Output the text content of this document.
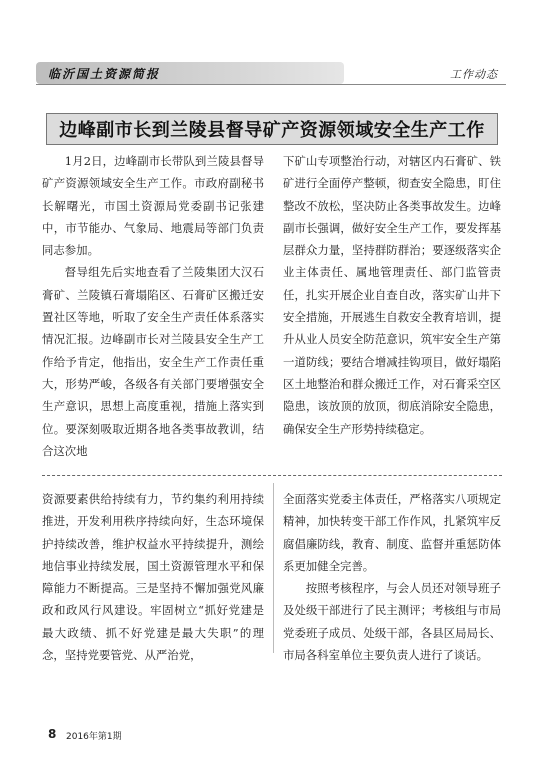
临沂国土资源简报	工作动态
边峰副市长到兰陵县督导矿产资源领域安全生产工作

1月2日，边峰副市长带队到兰陵县督导矿产资源领域安全生产工作。市政府副秘书长解曙光，市国土资源局党委副书记张建中，市节能办、气象局、地震局等部门负责同志参加。

督导组先后实地查看了兰陵集团大汉石膏矿、兰陵镇石膏塌陷区、石膏矿区搬迁安置社区等地，听取了安全生产责任体系落实情况汇报。边峰副市长对兰陵县安全生产工作给予肯定，他指出，安全生产工作责任重大，形势严峻，各级各有关部门要增强安全生产意识，思想上高度重视，措施上落实到位。要深刻吸取近期各地各类事故教训，结合这次地

下矿山专项整治行动，对辖区内石膏矿、铁矿进行全面停产整顿，彻查安全隐患，盯住整改不放松，坚决防止各类事故发生。边峰副市长强调，做好安全生产工作，要发挥基层群众力量，坚持群防群治；要逐级落实企业主体责任、属地管理责任、部门监管责任，扎实开展企业自查自改，落实矿山井下安全措施，开展逃生自救安全教育培训，提升从业人员安全防范意识，筑牢安全生产第一道防线；要结合增减挂钩项目，做好塌陷区土地整治和群众搬迁工作，对石膏采空区隐患，该放顶的放顶，彻底消除安全隐患，确保安全生产形势持续稳定。

资源要素供给持续有力，节约集约利用持续推进，开发利用秩序持续向好，生态环境保护持续改善，维护权益水平持续提升，测绘地信事业持续发展，国土资源管理水平和保障能力不断提高。三是坚持不懈加强党风廉政和政风行风建设。牢固树立“抓好党建是最大政绩、抓不好党建是最大失职”的理念，坚持党要管党、从严治党，

全面落实党委主体责任，严格落实八项规定精神，加快转变干部工作作风，扎紧筑牢反腐倡廉防线，教育、制度、监督并重惩防体系更加健全完善。

按照考核程序，与会人员还对领导班子及处级干部进行了民主测评；考核组与市局党委班子成员、处级干部，各县区局局长、市局各科室单位主要负责人进行了谈话。

8 2016年第1期
